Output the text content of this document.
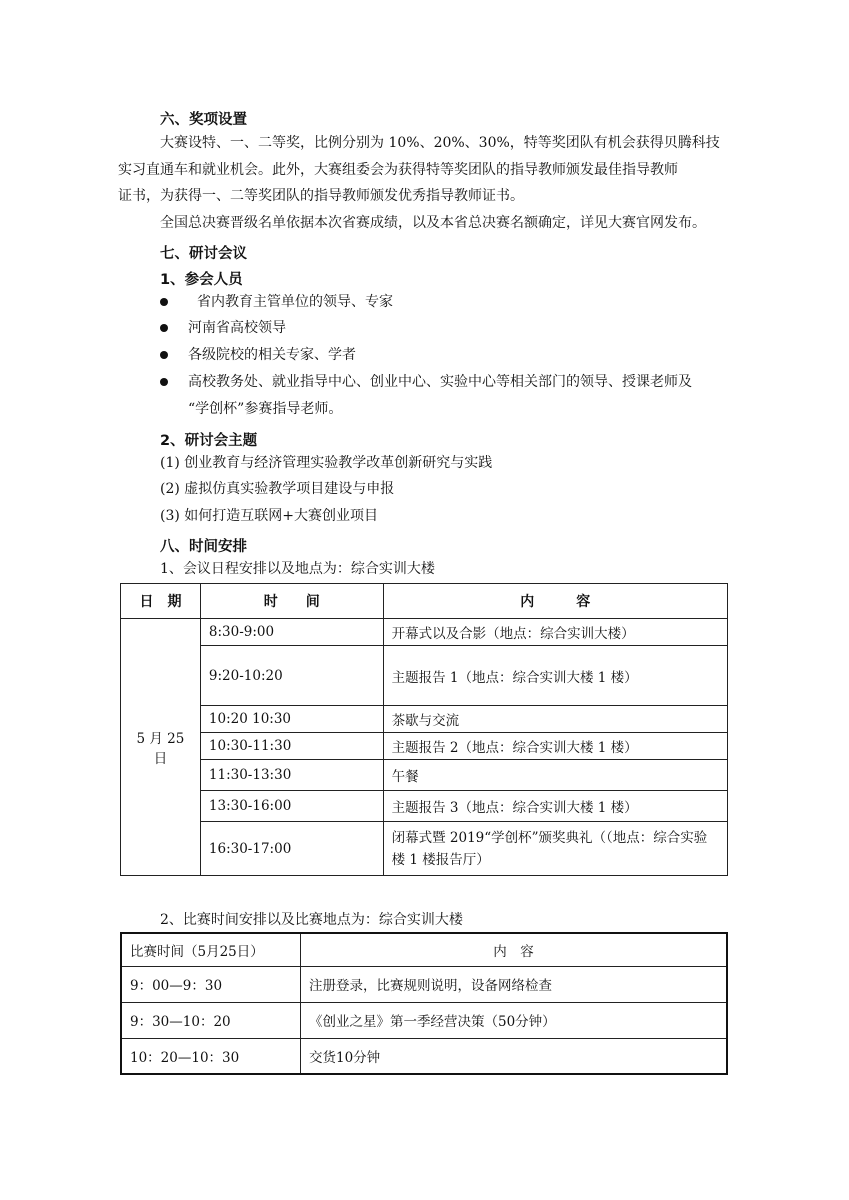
六、奖项设置
大赛设特、一、二等奖，比例分别为 10%、20%、30%，特等奖团队有机会获得贝腾科技
实习直通车和就业机会。此外，大赛组委会为获得特等奖团队的指导教师颁发最佳指导教师
证书，为获得一、二等奖团队的指导教师颁发优秀指导教师证书。
全国总决赛晋级名单依据本次省赛成绩，以及本省总决赛名额确定，详见大赛官网发布。
七、研讨会议
1、参会人员
省内教育主管单位的领导、专家
河南省高校领导
各级院校的相关专家、学者
高校教务处、就业指导中心、创业中心、实验中心等相关部门的领导、授课老师及
“学创杯”参赛指导老师。
2、研讨会主题
(1) 创业教育与经济管理实验教学改革创新研究与实践
(2) 虚拟仿真实验教学项目建设与申报
(3) 如何打造互联网+大赛创业项目
八、时间安排
1、会议日程安排以及地点为：综合实训大楼
日　期	时　　间	内　　　容
5 月 25 日	8:30-9:00	开幕式以及合影（地点：综合实训大楼）
	9:20-10:20	主题报告 1（地点：综合实训大楼 1 楼）
	10:20 10:30	茶歇与交流
	10:30-11:30	主题报告 2（地点：综合实训大楼 1 楼）
	11:30-13:30	午餐
	13:30-16:00	主题报告 3（地点：综合实训大楼 1 楼）
	16:30-17:00	闭幕式暨 2019“学创杯”颁奖典礼（（地点：综合实验楼 1 楼报告厅）
2、比赛时间安排以及比赛地点为：综合实训大楼
比赛时间（5月25日）	内　容
9：00—9：30	注册登录，比赛规则说明，设备网络检查
9：30—10：20	《创业之星》第一季经营决策（50分钟）
10：20—10：30	交货10分钟
